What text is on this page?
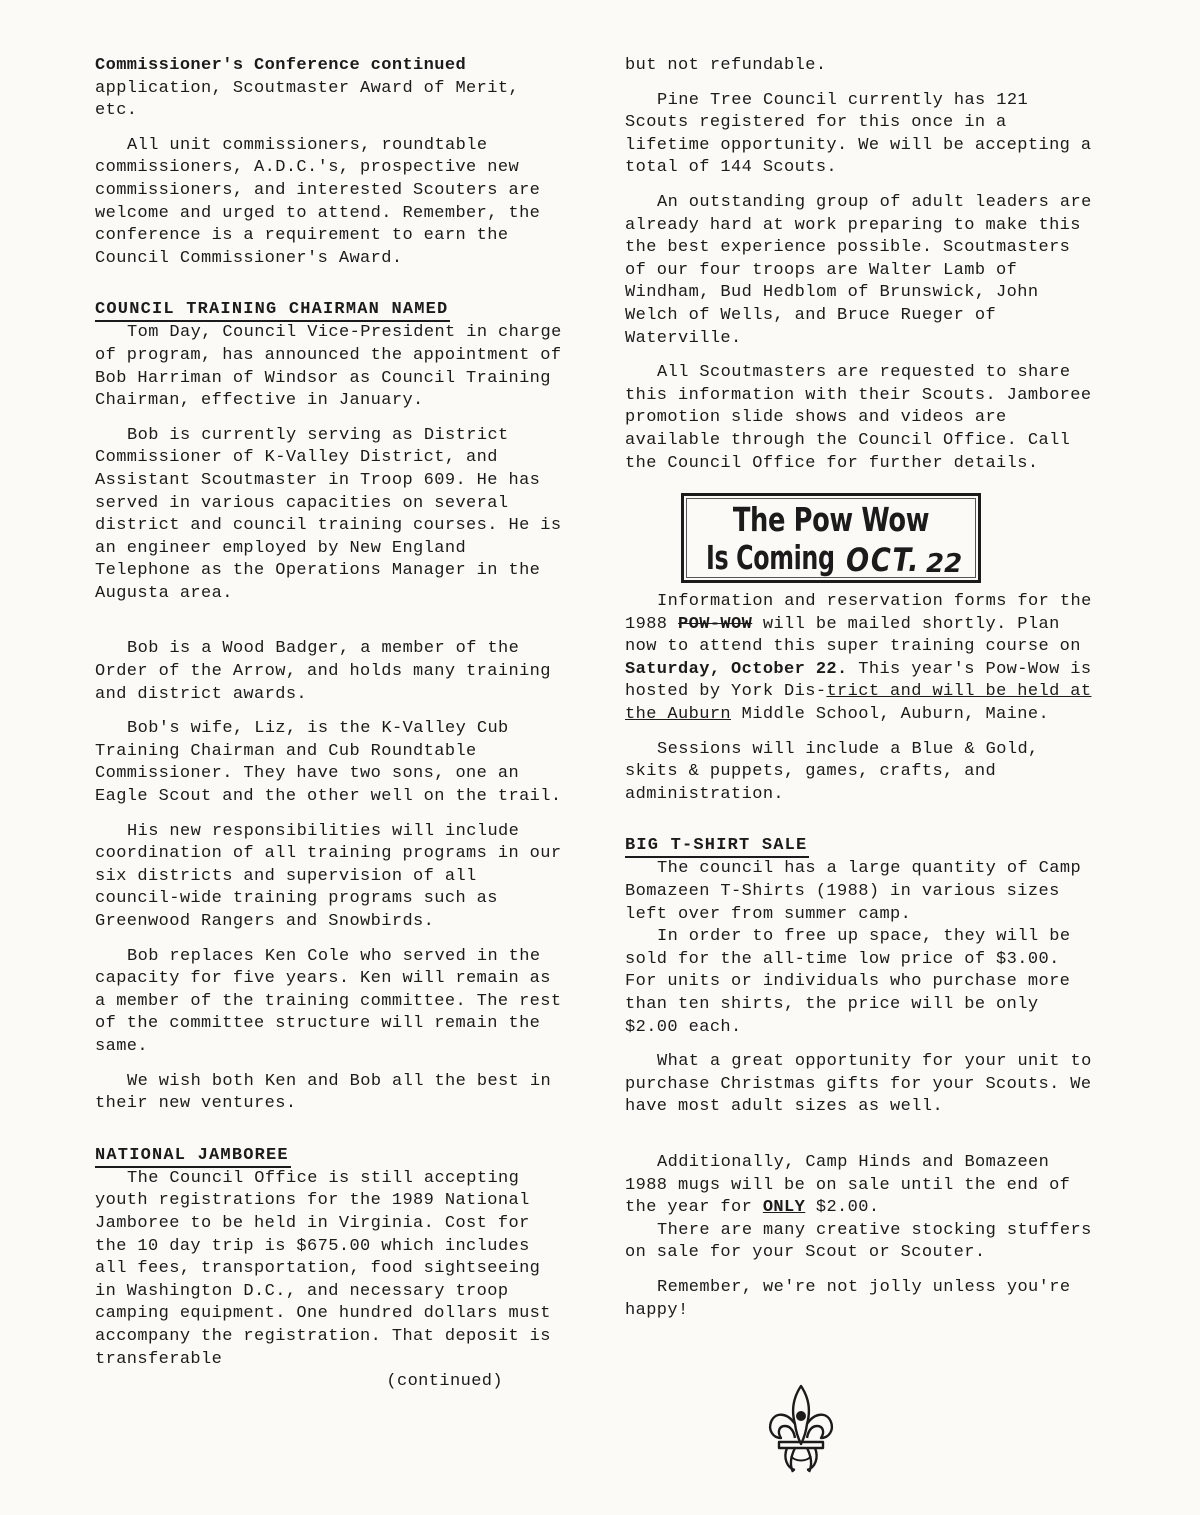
Commissioner's Conference continued
application, Scoutmaster Award of Merit, etc.

All unit commissioners, roundtable commissioners, A.D.C.'s, prospective new commissioners, and interested Scouters are welcome and urged to attend. Remember, the conference is a requirement to earn the Council Commissioner's Award.

COUNCIL TRAINING CHAIRMAN NAMED

Tom Day, Council Vice-President in charge of program, has announced the appointment of Bob Harriman of Windsor as Council Training Chairman, effective in January.

Bob is currently serving as District Commissioner of K-Valley District, and Assistant Scoutmaster in Troop 609. He has served in various capacities on several district and council training courses. He is an engineer employed by New England Telephone as the Operations Manager in the Augusta area.

Bob is a Wood Badger, a member of the Order of the Arrow, and holds many training and district awards.

Bob's wife, Liz, is the K-Valley Cub Training Chairman and Cub Roundtable Commissioner. They have two sons, one an Eagle Scout and the other well on the trail.

His new responsibilities will include coordination of all training programs in our six districts and supervision of all council-wide training programs such as Greenwood Rangers and Snowbirds.

Bob replaces Ken Cole who served in the capacity for five years. Ken will remain as a member of the training committee. The rest of the committee structure will remain the same.

We wish both Ken and Bob all the best in their new ventures.

NATIONAL JAMBOREE

The Council Office is still accepting youth registrations for the 1989 National Jamboree to be held in Virginia. Cost for the 10 day trip is $675.00 which includes all fees, transportation, food sightseeing in Washington D.C., and necessary troop camping equipment. One hundred dollars must accompany the registration. That deposit is transferable

(continued)

but not refundable.

Pine Tree Council currently has 121 Scouts registered for this once in a lifetime opportunity. We will be accepting a total of 144 Scouts.

An outstanding group of adult leaders are already hard at work preparing to make this the best experience possible. Scoutmasters of our four troops are Walter Lamb of Windham, Bud Hedblom of Brunswick, John Welch of Wells, and Bruce Rueger of Waterville.

All Scoutmasters are requested to share this information with their Scouts. Jamboree promotion slide shows and videos are available through the Council Office. Call the Council Office for further details.

The Pow Wow
Is Coming OCT. 22

Information and reservation forms for the 1988 POW-WOW will be mailed shortly. Plan now to attend this super training course on Saturday, October 22. This year's Pow-Wow is hosted by York Dis-trict and will be held at the Auburn Middle School, Auburn, Maine.

Sessions will include a Blue & Gold, skits & puppets, games, crafts, and administration.

BIG T-SHIRT SALE

The council has a large quantity of Camp Bomazeen T-Shirts (1988) in various sizes left over from summer camp.

In order to free up space, they will be sold for the all-time low price of $3.00. For units or individuals who purchase more than ten shirts, the price will be only $2.00 each.

What a great opportunity for your unit to purchase Christmas gifts for your Scouts. We have most adult sizes as well.

Additionally, Camp Hinds and Bomazeen 1988 mugs will be on sale until the end of the year for ONLY $2.00.

There are many creative stocking stuffers on sale for your Scout or Scouter.

Remember, we're not jolly unless you're happy!
